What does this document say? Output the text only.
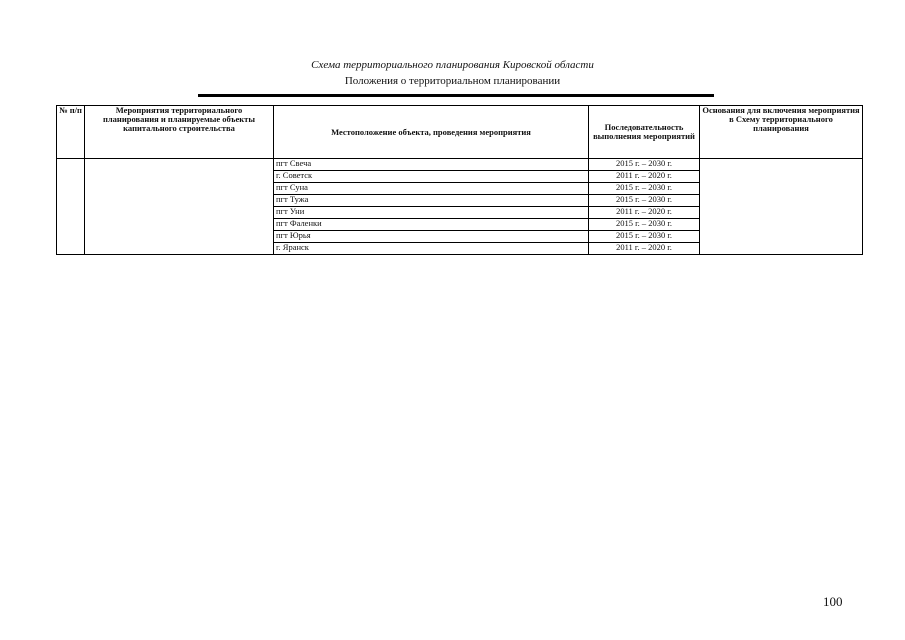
Схема территориального планирования Кировской области
Положения о территориальном планировании
№ п/п	Мероприятия территориального планирования и планируемые объекты капитального строительства	Местоположение объекта, проведения мероприятия	Последовательность выполнения мероприятий	Основания для включения мероприятия в Схему территориального планирования
		пгт Свеча	2015 г. – 2030 г.	
		г. Советск	2011 г. – 2020 г.	
		пгт Суна	2015 г. – 2030 г.	
		пгт Тужа	2015 г. – 2030 г.	
		пгт Уни	2011 г. – 2020 г.	
		пгт Фаленки	2015 г. – 2030 г.	
		пгт Юрья	2015 г. – 2030 г.	
		г. Яранск	2011 г. – 2020 г.	
100
